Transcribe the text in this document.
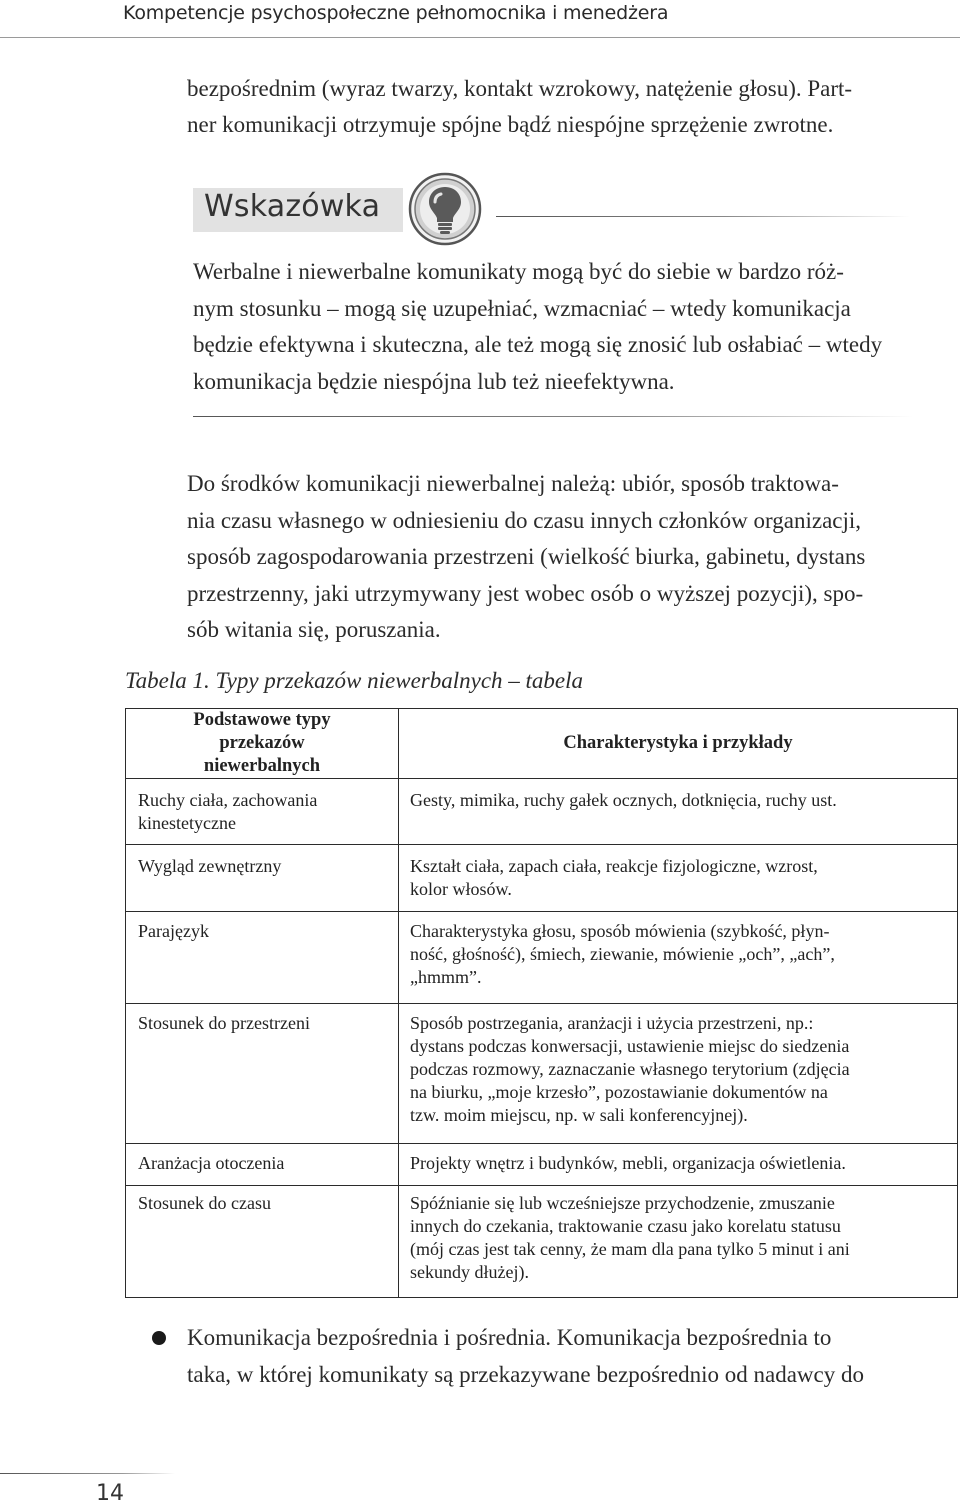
Kompetencje psychospołeczne pełnomocnika i menedżera
bezpośrednim (wyraz twarzy, kontakt wzrokowy, natężenie głosu). Part-
ner komunikacji otrzymuje spójne bądź niespójne sprzężenie zwrotne.
Wskazówka
Werbalne i niewerbalne komunikaty mogą być do siebie w bardzo róż-
nym stosunku – mogą się uzupełniać, wzmacniać – wtedy komunikacja
będzie efektywna i skuteczna, ale też mogą się znosić lub osłabiać – wtedy
komunikacja będzie niespójna lub też nieefektywna.
Do środków komunikacji niewerbalnej należą: ubiór, sposób traktowa-
nia czasu własnego w odniesieniu do czasu innych członków organizacji,
sposób zagospodarowania przestrzeni (wielkość biurka, gabinetu, dystans
przestrzenny, jaki utrzymywany jest wobec osób o wyższej pozycji), spo-
sób witania się, poruszania.
Tabela 1. Typy przekazów niewerbalnych – tabela
Podstawowe typy przekazów niewerbalnych	Charakterystyka i przykłady

Ruchy ciała, zachowania
kinestetyczne	Gesty, mimika, ruchy gałek ocznych, dotknięcia, ruchy ust.

Wygląd zewnętrzny	Kształt ciała, zapach ciała, reakcje fizjologiczne, wzrost,
kolor włosów.

Parajęzyk	Charakterystyka głosu, sposób mówienia (szybkość, płyn-
ność, głośność), śmiech, ziewanie, mówienie „och”, „ach”,
„hmmm”.

Stosunek do przestrzeni	Sposób postrzegania, aranżacji i użycia przestrzeni, np.:
dystans podczas konwersacji, ustawienie miejsc do siedzenia
podczas rozmowy, zaznaczanie własnego terytorium (zdjęcia
na biurku, „moje krzesło”, pozostawianie dokumentów na
tzw. moim miejscu, np. w sali konferencyjnej).

Aranżacja otoczenia	Projekty wnętrz i budynków, mebli, organizacja oświetlenia.

Stosunek do czasu	Spóźnianie się lub wcześniejsze przychodzenie, zmuszanie
innych do czekania, traktowanie czasu jako korelatu statusu
(mój czas jest tak cenny, że mam dla pana tylko 5 minut i ani
sekundy dłużej).
Komunikacja bezpośrednia i pośrednia. Komunikacja bezpośrednia to
taka, w której komunikaty są przekazywane bezpośrednio od nadawcy do
14
